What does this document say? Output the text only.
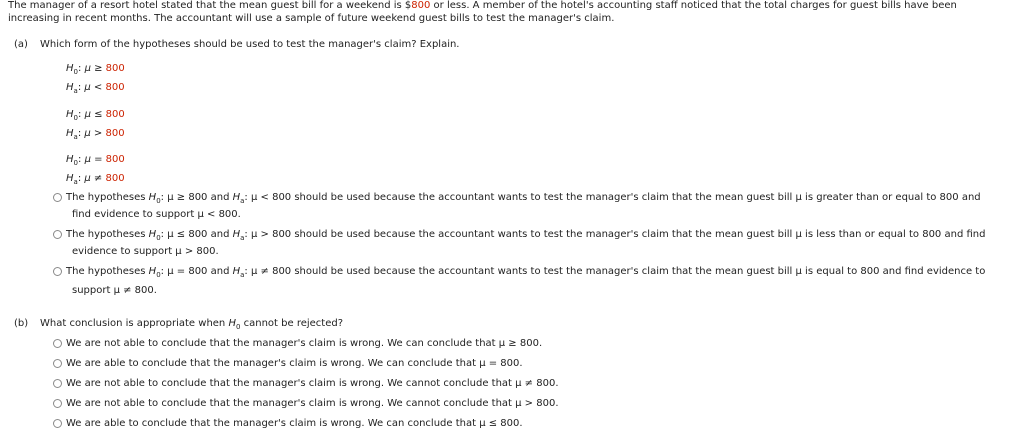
The manager of a resort hotel stated that the mean guest bill for a weekend is $800 or less. A member of the hotel's accounting staff noticed that the total charges for guest bills have been
increasing in recent months. The accountant will use a sample of future weekend guest bills to test the manager's claim.
(a) Which form of the hypotheses should be used to test the manager's claim? Explain.
$H_0$: μ ≥ 800
$H_a$: μ < 800
$H_0$: μ ≤ 800
$H_a$: μ > 800
$H_0$: μ = 800
$H_a$: μ ≠ 800
The hypotheses $H_0$: μ ≥ 800 and $H_a$: μ < 800 should be used because the accountant wants to test the manager's claim that the mean guest bill μ is greater than or equal to 800 and
find evidence to support μ < 800.
The hypotheses $H_0$: μ ≤ 800 and $H_a$: μ > 800 should be used because the accountant wants to test the manager's claim that the mean guest bill μ is less than or equal to 800 and find
evidence to support μ > 800.
The hypotheses $H_0$: μ = 800 and $H_a$: μ ≠ 800 should be used because the accountant wants to test the manager's claim that the mean guest bill μ is equal to 800 and find evidence to
support μ ≠ 800.
(b) What conclusion is appropriate when $H_0$ cannot be rejected?
We are not able to conclude that the manager's claim is wrong. We can conclude that μ ≥ 800.
We are able to conclude that the manager's claim is wrong. We can conclude that μ = 800.
We are not able to conclude that the manager's claim is wrong. We cannot conclude that μ ≠ 800.
We are not able to conclude that the manager's claim is wrong. We cannot conclude that μ > 800.
We are able to conclude that the manager's claim is wrong. We can conclude that μ ≤ 800.
